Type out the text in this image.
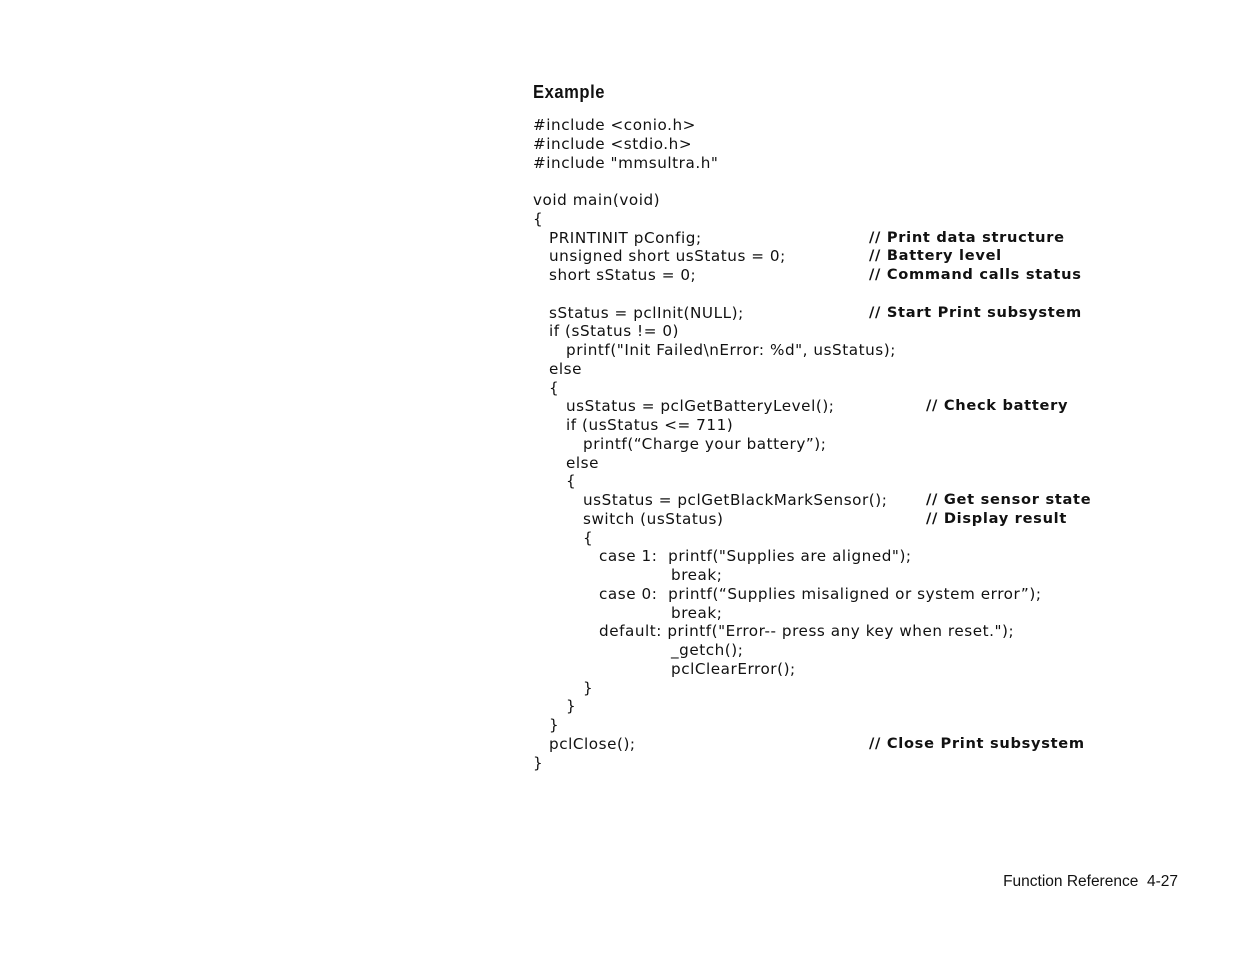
Example
#include <conio.h>
#include <stdio.h>
#include "mmsultra.h"
void main(void)
{
PRINTINIT pConfig;	// Print data structure
unsigned short usStatus = 0;	// Battery level
short sStatus = 0;	// Command calls status
sStatus = pclInit(NULL);	// Start Print subsystem
if (sStatus != 0)
printf("Init Failed\nError: %d", usStatus);
else
{
usStatus = pclGetBatteryLevel();	// Check battery
if (usStatus <= 711)
printf(“Charge your battery”);
else
{
usStatus = pclGetBlackMarkSensor();	// Get sensor state
switch (usStatus)	// Display result
{
case 1:  printf("Supplies are aligned");
break;
case 0:  printf(“Supplies misaligned or system error”);
break;
default: printf("Error-- press any key when reset.");
_getch();
pclClearError();
}
}
}
pclClose();	// Close Print subsystem
}
Function Reference 4-27
